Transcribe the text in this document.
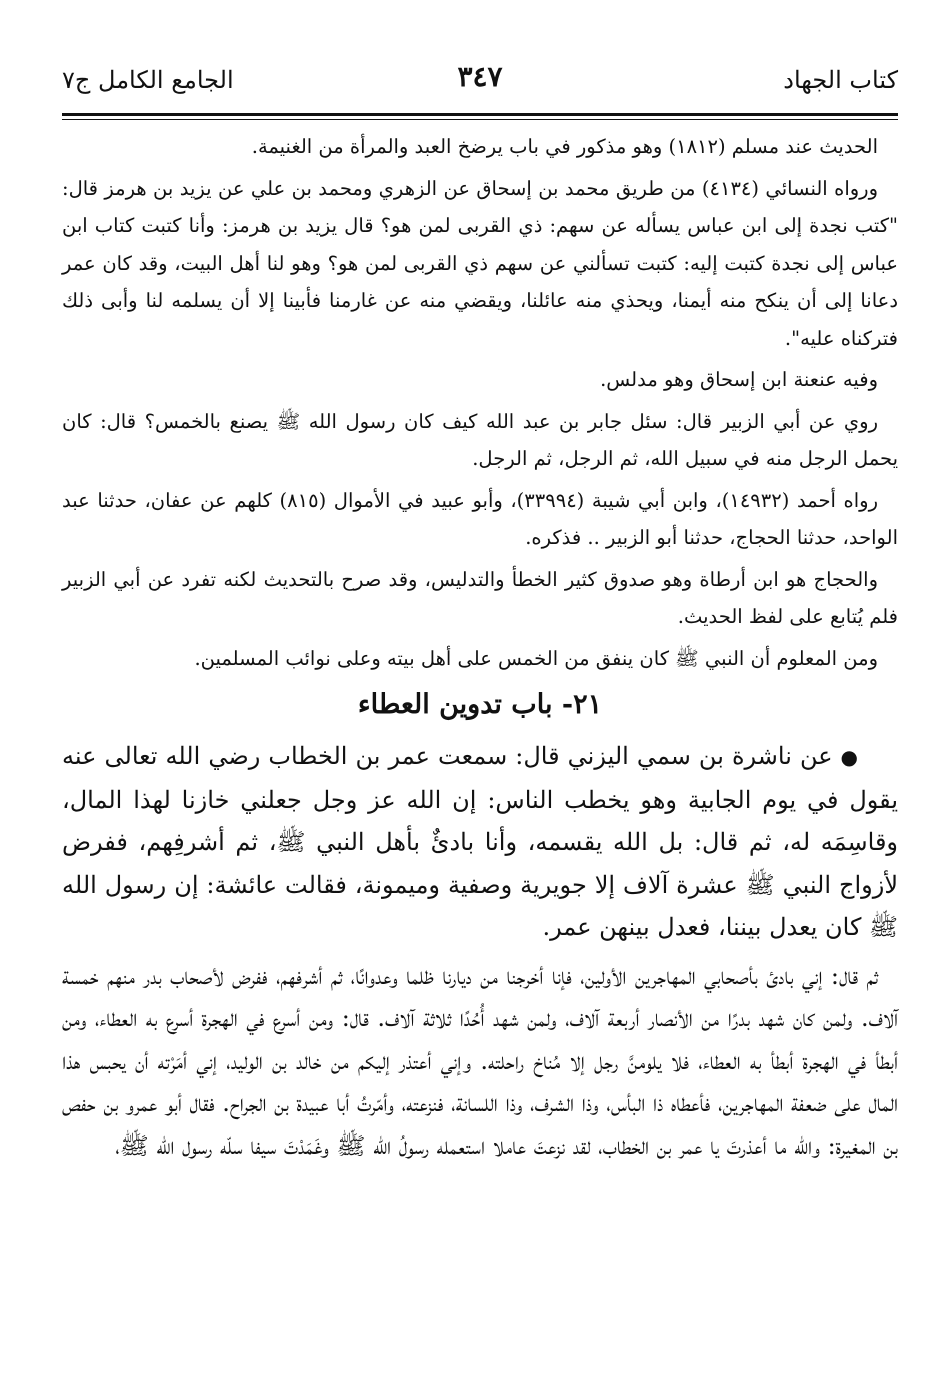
كتاب الجهاد
٣٤٧
الجامع الكامل ج٧

الحديث عند مسلم (١٨١٢) وهو مذكور في باب يرضخ العبد والمرأة من الغنيمة.

ورواه النسائي (٤١٣٤) من طريق محمد بن إسحاق عن الزهري ومحمد بن علي عن يزيد بن هرمز قال: "كتب نجدة إلى ابن عباس يسأله عن سهم: ذي القربى لمن هو؟ قال يزيد بن هرمز: وأنا كتبت كتاب ابن عباس إلى نجدة كتبت إليه: كتبت تسألني عن سهم ذي القربى لمن هو؟ وهو لنا أهل البيت، وقد كان عمر دعانا إلى أن ينكح منه أيمنا، ويحذي منه عائلنا، ويقضي منه عن غارمنا فأبينا إلا أن يسلمه لنا وأبى ذلك فتركناه عليه".

وفيه عنعنة ابن إسحاق وهو مدلس.

روي عن أبي الزبير قال: سئل جابر بن عبد الله كيف كان رسول الله ﷺ يصنع بالخمس؟ قال: كان يحمل الرجل منه في سبيل الله، ثم الرجل، ثم الرجل.

رواه أحمد (١٤٩٣٢)، وابن أبي شيبة (٣٣٩٩٤)، وأبو عبيد في الأموال (٨١٥) كلهم عن عفان، حدثنا عبد الواحد، حدثنا الحجاج، حدثنا أبو الزبير .. فذكره.

والحجاج هو ابن أرطاة وهو صدوق كثير الخطأ والتدليس، وقد صرح بالتحديث لكنه تفرد عن أبي الزبير فلم يُتابع على لفظ الحديث.

ومن المعلوم أن النبي ﷺ كان ينفق من الخمس على أهل بيته وعلى نوائب المسلمين.

٢١- باب تدوين العطاء

●عن ناشرة بن سمي اليزني قال: سمعت عمر بن الخطاب رضي الله تعالى عنه يقول في يوم الجابية وهو يخطب الناس: إن الله عز وجل جعلني خازنا لهذا المال، وقاسِمَه له، ثم قال: بل الله يقسمه، وأنا بادئٌ بأهل النبي ﷺ، ثم أشرفِهم، ففرض لأزواج النبي ﷺ عشرة آلاف إلا جويرية وصفية وميمونة، فقالت عائشة: إن رسول الله ﷺ كان يعدل بيننا، فعدل بينهن عمر.

ثم قال: إني بادئ بأصحابي المهاجرين الأولين، فإنا أخرجنا من ديارنا ظلما وعدوانًا، ثم أشرفهم، ففرض لأصحاب بدر منهم خمسة آلاف. ولمن كان شهد بدرًا من الأنصار أربعة آلاف، ولمن شهد أُحُدًا ثلاثة آلاف. قال: ومن أسرع في الهجرة أسرع به العطاء، ومن أبطأ في الهجرة أبطأ به العطاء، فلا يلومنَّ رجل إلا مُناخ راحلته. وإني أعتذر إليكم من خالد بن الوليد، إني أمَرْته أن يحبس هذا المال على ضعفة المهاجرين، فأعطاه ذا البأس، وذا الشرف، وذا اللسانة، فنزعته، وأمّرتُ أبا عبيدة بن الجراح. فقال أبو عمرو بن حفص بن المغيرة: والله ما أعذرتَ يا عمر بن الخطاب، لقد نزعتَ عاملا استعمله رسولُ الله ﷺ وغَمَدْتَ سيفا سلّه رسول الله ﷺ،
